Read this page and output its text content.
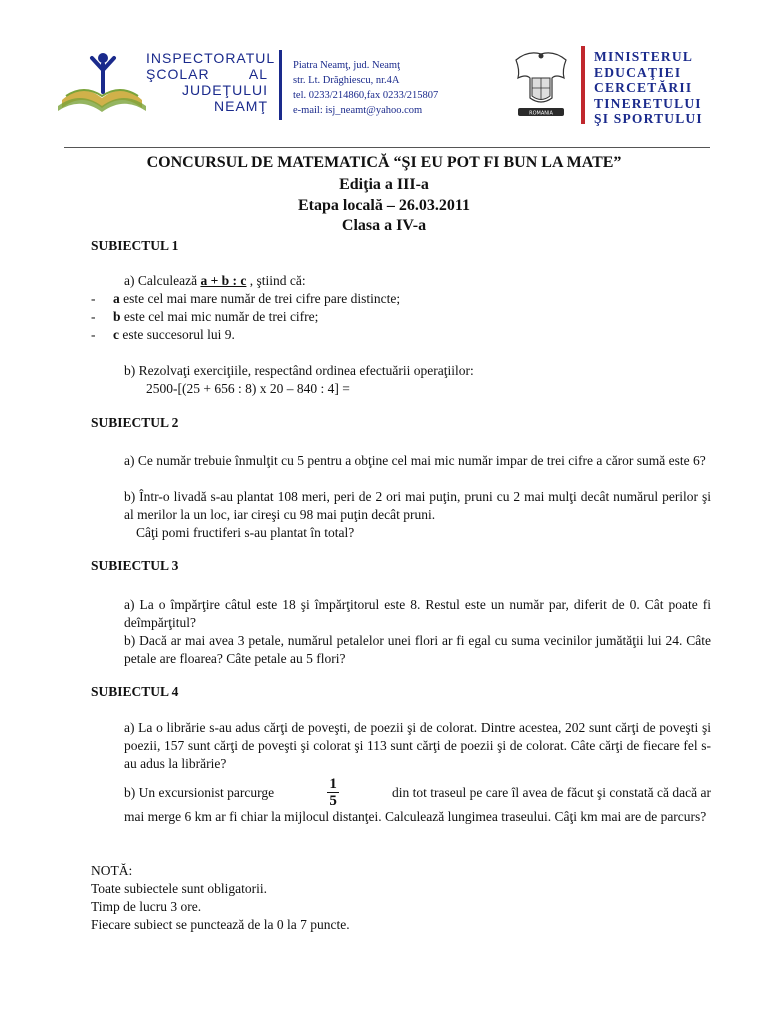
INSPECTORATUL
ŞCOLAR AL
JUDEŢULUI
NEAMŢ
Piatra Neamţ, jud. Neamţ
str. Lt. Drăghiescu, nr.4A
tel. 0233/214860,fax 0233/215807
e-mail: isj_neamt@yahoo.com	ROMANIA
MINISTERUL
EDUCAŢIEI
CERCETĂRII
TINERETULUI
ŞI SPORTULUI
CONCURSUL DE MATEMATICĂ “ŞI EU POT FI BUN LA MATE”
Ediţia a III-a
Etapa locală – 26.03.2011
Clasa a IV-a
SUBIECTUL 1
a) Calculează a + b : c , ştiind că:
- a este cel mai mare număr de trei cifre pare distincte;
- b este cel mai mic număr de trei cifre;
- c este succesorul lui 9.
b) Rezolvaţi exerciţiile, respectând ordinea efectuării operaţiilor:
2500-[(25 + 656 : 8) x 20 – 840 : 4] =
SUBIECTUL 2
a) Ce număr trebuie înmulţit cu 5 pentru a obţine cel mai mic număr impar de trei cifre a căror sumă este 6?
b) Într-o livadă s-au plantat 108 meri, peri de 2 ori mai puţin, pruni cu 2 mai mulţi decât numărul perilor şi al merilor la un loc, iar cireşi cu 98 mai puţin decât pruni.
Câţi pomi fructiferi s-au plantat în total?
SUBIECTUL 3
a) La o împărţire câtul este 18 şi împărţitorul este 8. Restul este un număr par, diferit de 0. Cât poate fi deîmpărţitul?
b) Dacă ar mai avea 3 petale, numărul petalelor unei flori ar fi egal cu suma vecinilor jumătăţii lui 24. Câte petale are floarea? Câte petale au 5 flori?
SUBIECTUL 4
a) La o librărie s-au adus cărţi de poveşti, de poezii şi de colorat. Dintre acestea, 202 sunt cărţi de poveşti şi poezii, 157 sunt cărţi de poveşti şi colorat şi 113 sunt cărţi de poezii şi de colorat. Câte cărţi de fiecare fel s-au adus la librărie?
b) Un excursionist parcurge	$\frac{1}{5}$	din tot traseul pe care îl avea de făcut şi constată că dacă ar
mai merge 6 km ar fi chiar la mijlocul distanţei. Calculează lungimea traseului. Câţi km mai are de parcurs?
NOTĂ:
Toate subiectele sunt obligatorii.
Timp de lucru 3 ore.
Fiecare subiect se punctează de la 0 la 7 puncte.
